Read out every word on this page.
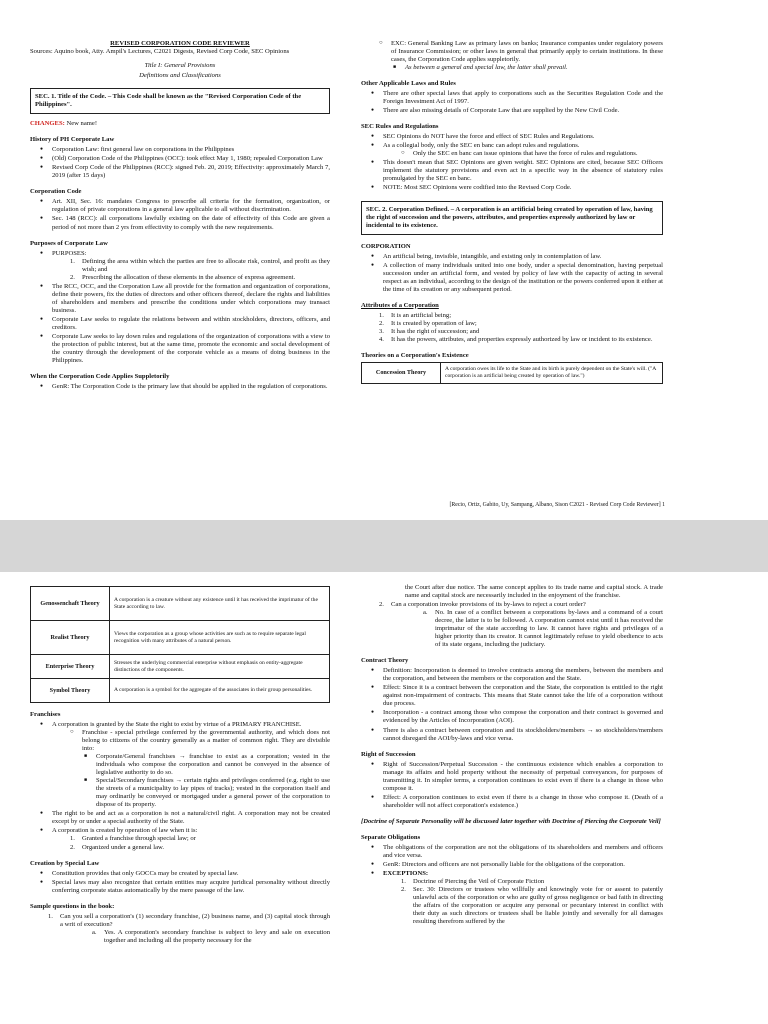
REVISED CORPORATION CODE REVIEWER

Sources: Aquino book, Atty. Ampil's Lectures, C2021 Digests, Revised Corp Code, SEC Opinions

Title I: General Provisions

Definitions and Classifications

SEC. 1. Title of the Code. – This Code shall be known as the "Revised Corporation Code of the Philippines".

CHANGES: New name!

History of PH Corporate Law

● Corporation Law: first general law on corporations in the Philippines
● (Old) Corporation Code of the Philippines (OCC): took effect May 1, 1980; repealed Corporation Law
● Revised Corp Code of the Philippines (RCC): signed Feb. 20, 2019; Effectivity: approximately March 7, 2019 (after 15 days)

Corporation Code

● Art. XII, Sec. 16: mandates Congress to prescribe all criteria for the formation, organization, or regulation of private corporations in a general law applicable to all without discrimination.
● Sec. 148 (RCC): all corporations lawfully existing on the date of effectivity of this Code are given a period of not more than 2 yrs from effectivity to comply with the new requirements.

Purposes of Corporate Law

● PURPOSES:
1. Defining the area within which the parties are free to allocate risk, control, and profit as they wish; and
2. Prescribing the allocation of these elements in the absence of express agreement.
● The RCC, OCC, and the Corporation Law all provide for the formation and organization of corporations, define their powers, fix the duties of directors and other officers thereof, declare the rights and liabilities of shareholders and members and prescribe the conditions under which corporations may transact business.
● Corporate Law seeks to regulate the relations between and within stockholders, directors, officers, and creditors.
● Corporate Law seeks to lay down rules and regulations of the organization of corporations with a view to the protection of public interest, but at the same time, promote the economic and social development of the country through the development of the corporate vehicle as a means of doing business in the Philippines.

When the Corporation Code Applies Suppletorily

● GenR: The Corporation Code is the primary law that should be applied in the regulation of corporations.
○ EXC: General Banking Law as primary laws on banks; Insurance companies under regulatory powers of Insurance Commission; or other laws in general that primarily apply to certain institutions. In these cases, the Corporation Code applies suppletorily.
■ As between a general and special law, the latter shall prevail.

Other Applicable Laws and Rules

● There are other special laws that apply to corporations such as the Securities Regulation Code and the Foreign Investment Act of 1997.
● There are also missing details of Corporate Law that are supplied by the New Civil Code.

SEC Rules and Regulations

● SEC Opinions do NOT have the force and effect of SEC Rules and Regulations.
● As a collegial body, only the SEC en banc can adopt rules and regulations.
○ Only the SEC en banc can issue opinions that have the force of rules and regulations.
● This doesn't mean that SEC Opinions are given weight. SEC Opinions are cited, because SEC Officers implement the statutory provisions and even act in a specific way in the absence of statutory rules promulgated by the SEC en banc.
● NOTE: Most SEC Opinions were codified into the Revised Corp Code.
SEC. 2. Corporation Defined. – A corporation is an artificial being created by operation of law, having the right of succession and the powers, attributes, and properties expressly authorized by law or incidental to its existence.

CORPORATION

● An artificial being, invisible, intangible, and existing only in contemplation of law.
● A collection of many individuals united into one body, under a special denomination, having perpetual succession under an artificial form, and vested by policy of law with the capacity of acting in several respect as an individual, according to the design of the institution or the powers conferred upon it either at the time of its creation or any subsequent period.

Attributes of a Corporation

1. It is an artificial being;
2. It is created by operation of law;
3. It has the right of succession; and
4. It has the powers, attributes, and properties expressly authorized by law or incident to its existence.

Theories on a Corporation's Existence

Concession Theory	A corporation owes its life to the State and its birth is purely dependent on the State's will. ("A corporation is an artificial being created by operation of law.")
[Recio, Ortiz, Gabito, Uy, Sampang, Albano, Sison C2021 - Revised Corp Code Reviewer] 1
Genossenchaft Theory	A corporation is a creature without any existence until it has received the imprimatur of the State according to law.
Realist Theory	Views the corporation as a group whose activities are such as to require separate legal recognition with many attributes of a natural person.
Enterprise Theory	Stresses the underlying commercial enterprise without emphasis on entity-aggregate distinctions of the components.
Symbol Theory	A corporation is a symbol for the aggregate of the associates in their group personalities.

Franchises

● A corporation is granted by the State the right to exist by virtue of a PRIMARY FRANCHISE.
○ Franchise - special privilege conferred by the governmental authority, and which does not belong to citizens of the country generally as a matter of common right. They are divisible into:
■ Corporate/General franchises → franchise to exist as a corporation; vested in the individuals who compose the corporation and cannot be conveyed in the absence of legislative authority to do so.
■ Special/Secondary franchises → certain rights and privileges conferred (e.g. right to use the streets of a municipality to lay pipes of tracks); vested in the corporation itself and may ordinarily be conveyed or mortgaged under a general power of the corporation to dispose of its property.
● The right to be and act as a corporation is not a natural/civil right. A corporation may not be created except by or under a special authority of the State.
● A corporation is created by operation of law when it is:
1. Granted a franchise through special law; or
2. Organized under a general law.

Creation by Special Law

● Constitution provides that only GOCCs may be created by special law.
● Special laws may also recognize that certain entities may acquire juridical personality without directly conferring corporate status automatically by the mere passage of the law.

Sample questions in the book:

1. Can you sell a corporation's (1) secondary franchise, (2) business name, and (3) capital stock through a writ of execution?
a. Yes. A corporation's secondary franchise is subject to levy and sale on execution together and including all the property necessary for the

the Court after due notice. The same concept applies to its trade name and capital stock. A trade name and capital stock are necessarily included in the enjoyment of the franchise.

2. Can a corporation invoke provisions of its by-laws to reject a court order?
a. No. In case of a conflict between a corporations by-laws and a command of a court decree, the latter is to be followed. A corporation cannot exist until it has received the imprimatur of the state according to law. It cannot have rights and privileges of a higher priority than its creator. It cannot legitimately refuse to yield obedience to acts of its state organs, including the judiciary.

Contract Theory

● Definition: Incorporation is deemed to involve contracts among the members, between the members and the corporation, and between the members or the corporation and the State.
● Effect: Since it is a contract between the corporation and the State, the corporation is entitled to the right against non-impairment of contracts. This means that State cannot take the life of a corporation without due process.
● Incorporation - a contract among those who compose the corporation and their contract is governed and evidenced by the Articles of Incorporation (AOI).
● There is also a contract between corporation and its stockholders/members → so stockholders/members cannot disregard the AOI/by-laws and vice versa.

Right of Succession

● Right of Succession/Perpetual Succession - the continuous existence which enables a corporation to manage its affairs and hold property without the necessity of perpetual conveyances, for purposes of transmitting it. In simpler terms, a corporation continues to exist even if there is a change in those who compose it.
● Effect: A corporation continues to exist even if there is a change in those who compose it. (Death of a shareholder will not affect corporation's existence.)

[Doctrine of Separate Personality will be discussed later together with Doctrine of Piercing the Corporate Veil]

Separate Obligations

● The obligations of the corporation are not the obligations of its shareholders and members and officers and vice versa.
● GenR: Directors and officers are not personally liable for the obligations of the corporation.
● EXCEPTIONS:
1. Doctrine of Piercing the Veil of Corporate Fiction
2. Sec. 30: Directors or trustees who willfully and knowingly vote for or assent to patently unlawful acts of the corporation or who are guilty of gross negligence or bad faith in directing the affairs of the corporation or acquire any personal or pecuniary interest in conflict with their duty as such directors or trustees shall be liable jointly and severally for all damages resulting therefrom suffered by the
